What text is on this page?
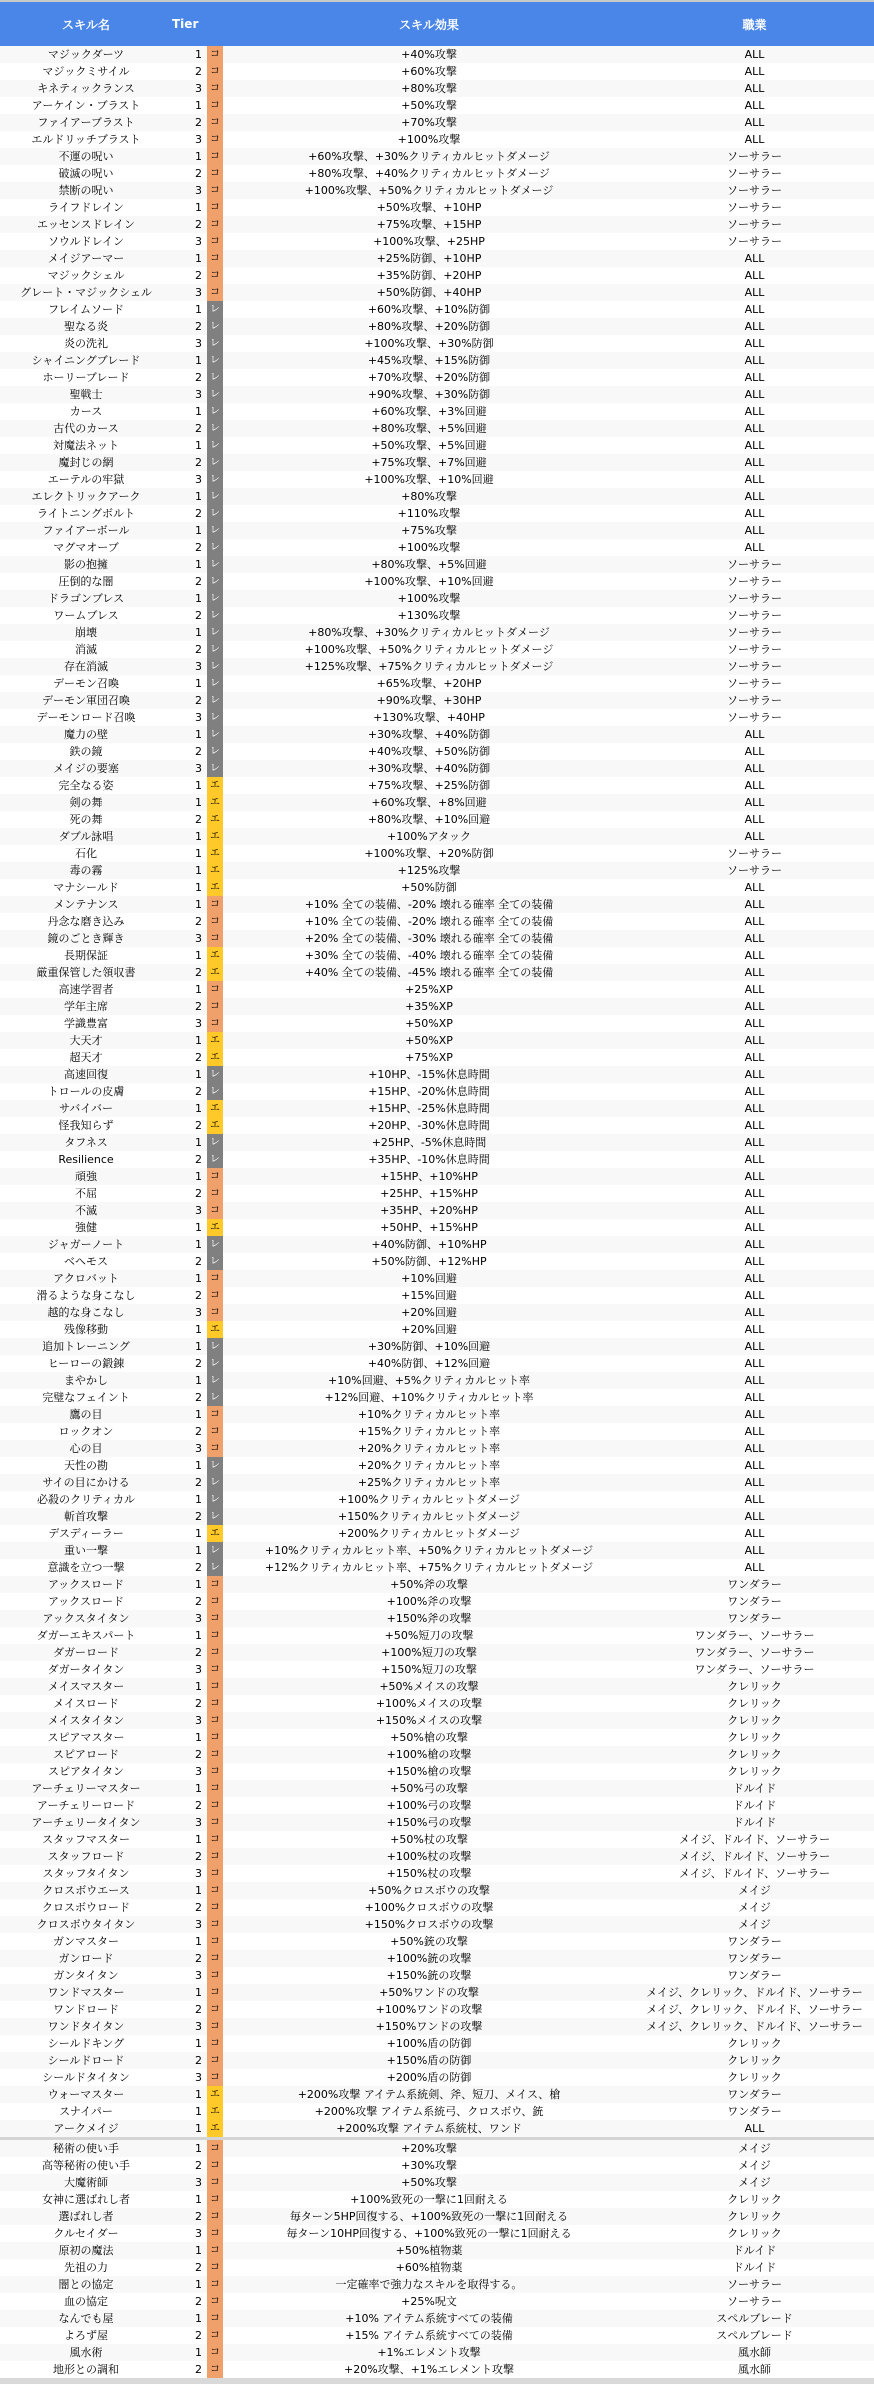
スキル名	Tier	スキル効果	職業
マジックダーツ	1 コ	+40%攻撃	ALL
マジックミサイル	2 コ	+60%攻撃	ALL
キネティックランス	3 コ	+80%攻撃	ALL
アーケイン・ブラスト	1 コ	+50%攻撃	ALL
ファイアーブラスト	2 コ	+70%攻撃	ALL
エルドリッチブラスト	3 コ	+100%攻撃	ALL
不運の呪い	1 コ	+60%攻撃、+30%クリティカルヒットダメージ	ソーサラー
破滅の呪い	2 コ	+80%攻撃、+40%クリティカルヒットダメージ	ソーサラー
禁断の呪い	3 コ	+100%攻撃、+50%クリティカルヒットダメージ	ソーサラー
ライフドレイン	1 コ	+50%攻撃、+10HP	ソーサラー
エッセンスドレイン	2 コ	+75%攻撃、+15HP	ソーサラー
ソウルドレイン	3 コ	+100%攻撃、+25HP	ソーサラー
メイジアーマー	1 コ	+25%防御、+10HP	ALL
マジックシェル	2 コ	+35%防御、+20HP	ALL
グレート・マジックシェル	3 コ	+50%防御、+40HP	ALL
フレイムソード	1 レ	+60%攻撃、+10%防御	ALL
聖なる炎	2 レ	+80%攻撃、+20%防御	ALL
炎の洗礼	3 レ	+100%攻撃、+30%防御	ALL
シャイニングブレード	1 レ	+45%攻撃、+15%防御	ALL
ホーリーブレード	2 レ	+70%攻撃、+20%防御	ALL
聖戦士	3 レ	+90%攻撃、+30%防御	ALL
カース	1 レ	+60%攻撃、+3%回避	ALL
古代のカース	2 レ	+80%攻撃、+5%回避	ALL
対魔法ネット	1 レ	+50%攻撃、+5%回避	ALL
魔封じの網	2 レ	+75%攻撃、+7%回避	ALL
エーテルの牢獄	3 レ	+100%攻撃、+10%回避	ALL
エレクトリックアーク	1 レ	+80%攻撃	ALL
ライトニングボルト	2 レ	+110%攻撃	ALL
ファイアーボール	1 レ	+75%攻撃	ALL
マグマオーブ	2 レ	+100%攻撃	ALL
影の抱擁	1 レ	+80%攻撃、+5%回避	ソーサラー
圧倒的な闇	2 レ	+100%攻撃、+10%回避	ソーサラー
ドラゴンブレス	1 レ	+100%攻撃	ソーサラー
ワームブレス	2 レ	+130%攻撃	ソーサラー
崩壊	1 レ	+80%攻撃、+30%クリティカルヒットダメージ	ソーサラー
消滅	2 レ	+100%攻撃、+50%クリティカルヒットダメージ	ソーサラー
存在消滅	3 レ	+125%攻撃、+75%クリティカルヒットダメージ	ソーサラー
デーモン召喚	1 レ	+65%攻撃、+20HP	ソーサラー
デーモン軍団召喚	2 レ	+90%攻撃、+30HP	ソーサラー
デーモンロード召喚	3 レ	+130%攻撃、+40HP	ソーサラー
魔力の壁	1 レ	+30%攻撃、+40%防御	ALL
鉄の鏡	2 レ	+40%攻撃、+50%防御	ALL
メイジの要塞	3 レ	+30%攻撃、+40%防御	ALL
完全なる姿	1 エ	+75%攻撃、+25%防御	ALL
剣の舞	1 エ	+60%攻撃、+8%回避	ALL
死の舞	2 エ	+80%攻撃、+10%回避	ALL
ダブル詠唱	1 エ	+100%アタック	ALL
石化	1 エ	+100%攻撃、+20%防御	ソーサラー
毒の霧	1 エ	+125%攻撃	ソーサラー
マナシールド	1 エ	+50%防御	ALL
メンテナンス	1 コ	+10% 全ての装備、-20% 壊れる確率 全ての装備	ALL
丹念な磨き込み	2 コ	+10% 全ての装備、-20% 壊れる確率 全ての装備	ALL
鏡のごとき輝き	3 コ	+20% 全ての装備、-30% 壊れる確率 全ての装備	ALL
長期保証	1 エ	+30% 全ての装備、-40% 壊れる確率 全ての装備	ALL
厳重保管した領収書	2 エ	+40% 全ての装備、-45% 壊れる確率 全ての装備	ALL
高速学習者	1 コ	+25%XP	ALL
学年主席	2 コ	+35%XP	ALL
学識豊富	3 コ	+50%XP	ALL
大天才	1 エ	+50%XP	ALL
超天才	2 エ	+75%XP	ALL
高速回復	1 レ	+10HP、-15%休息時間	ALL
トロールの皮膚	2 レ	+15HP、-20%休息時間	ALL
サバイバー	1 エ	+15HP、-25%休息時間	ALL
怪我知らず	2 エ	+20HP、-30%休息時間	ALL
タフネス	1 レ	+25HP、-5%休息時間	ALL
Resilience	2 レ	+35HP、-10%休息時間	ALL
頑強	1 コ	+15HP、+10%HP	ALL
不屈	2 コ	+25HP、+15%HP	ALL
不滅	3 コ	+35HP、+20%HP	ALL
強健	1 エ	+50HP、+15%HP	ALL
ジャガーノート	1 レ	+40%防御、+10%HP	ALL
ベヘモス	2 レ	+50%防御、+12%HP	ALL
アクロバット	1 コ	+10%回避	ALL
滑るような身こなし	2 コ	+15%回避	ALL
越的な身こなし	3 コ	+20%回避	ALL
残像移動	1 エ	+20%回避	ALL
追加トレーニング	1 レ	+30%防御、+10%回避	ALL
ヒーローの鍛錬	2 レ	+40%防御、+12%回避	ALL
まやかし	1 レ	+10%回避、+5%クリティカルヒット率	ALL
完璧なフェイント	2 レ	+12%回避、+10%クリティカルヒット率	ALL
鷹の目	1 コ	+10%クリティカルヒット率	ALL
ロックオン	2 コ	+15%クリティカルヒット率	ALL
心の目	3 コ	+20%クリティカルヒット率	ALL
天性の勘	1 レ	+20%クリティカルヒット率	ALL
サイの目にかける	2 レ	+25%クリティカルヒット率	ALL
必殺のクリティカル	1 レ	+100%クリティカルヒットダメージ	ALL
斬首攻撃	2 レ	+150%クリティカルヒットダメージ	ALL
デスディーラー	1 エ	+200%クリティカルヒットダメージ	ALL
重い一撃	1 レ	+10%クリティカルヒット率、+50%クリティカルヒットダメージ	ALL
意識を立つ一撃	2 レ	+12%クリティカルヒット率、+75%クリティカルヒットダメージ	ALL
アックスロード	1 コ	+50%斧の攻撃	ワンダラー
アックスロード	2 コ	+100%斧の攻撃	ワンダラー
アックスタイタン	3 コ	+150%斧の攻撃	ワンダラー
ダガーエキスパート	1 コ	+50%短刀の攻撃	ワンダラー、ソーサラー
ダガーロード	2 コ	+100%短刀の攻撃	ワンダラー、ソーサラー
ダガータイタン	3 コ	+150%短刀の攻撃	ワンダラー、ソーサラー
メイスマスター	1 コ	+50%メイスの攻撃	クレリック
メイスロード	2 コ	+100%メイスの攻撃	クレリック
メイスタイタン	3 コ	+150%メイスの攻撃	クレリック
スピアマスター	1 コ	+50%槍の攻撃	クレリック
スピアロード	2 コ	+100%槍の攻撃	クレリック
スピアタイタン	3 コ	+150%槍の攻撃	クレリック
アーチェリーマスター	1 コ	+50%弓の攻撃	ドルイド
アーチェリーロード	2 コ	+100%弓の攻撃	ドルイド
アーチェリータイタン	3 コ	+150%弓の攻撃	ドルイド
スタッフマスター	1 コ	+50%杖の攻撃	メイジ、ドルイド、ソーサラー
スタッフロード	2 コ	+100%杖の攻撃	メイジ、ドルイド、ソーサラー
スタッフタイタン	3 コ	+150%杖の攻撃	メイジ、ドルイド、ソーサラー
クロスボウエース	1 コ	+50%クロスボウの攻撃	メイジ
クロスボウロード	2 コ	+100%クロスボウの攻撃	メイジ
クロスボウタイタン	3 コ	+150%クロスボウの攻撃	メイジ
ガンマスター	1 コ	+50%銃の攻撃	ワンダラー
ガンロード	2 コ	+100%銃の攻撃	ワンダラー
ガンタイタン	3 コ	+150%銃の攻撃	ワンダラー
ワンドマスター	1 コ	+50%ワンドの攻撃	メイジ、クレリック、ドルイド、ソーサラー
ワンドロード	2 コ	+100%ワンドの攻撃	メイジ、クレリック、ドルイド、ソーサラー
ワンドタイタン	3 コ	+150%ワンドの攻撃	メイジ、クレリック、ドルイド、ソーサラー
シールドキング	1 コ	+100%盾の防御	クレリック
シールドロード	2 コ	+150%盾の防御	クレリック
シールドタイタン	3 コ	+200%盾の防御	クレリック
ウォーマスター	1 エ	+200%攻撃 アイテム系統剣、斧、短刀、メイス、槍	ワンダラー
スナイパー	1 エ	+200%攻撃 アイテム系統弓、クロスボウ、銃	ワンダラー
アークメイジ	1 エ	+200%攻撃 アイテム系統杖、ワンド	ALL
秘術の使い手	1 コ	+20%攻撃	メイジ
高等秘術の使い手	2 コ	+30%攻撃	メイジ
大魔術師	3 コ	+50%攻撃	メイジ
女神に選ばれし者	1 コ	+100%致死の一撃に1回耐える	クレリック
選ばれし者	2 コ	毎ターン5HP回復する、+100%致死の一撃に1回耐える	クレリック
クルセイダー	3 コ	毎ターン10HP回復する、+100%致死の一撃に1回耐える	クレリック
原初の魔法	1 コ	+50%植物薬	ドルイド
先祖の力	2 コ	+60%植物薬	ドルイド
闇との協定	1 コ	一定確率で強力なスキルを取得する。	ソーサラー
血の協定	2 コ	+25%呪文	ソーサラー
なんでも屋	1 コ	+10% アイテム系統すべての装備	スペルブレード
よろず屋	2 コ	+15% アイテム系統すべての装備	スペルブレード
風水術	1 コ	+1%エレメント攻撃	風水師
地形との調和	2 コ	+20%攻撃、+1%エレメント攻撃	風水師
